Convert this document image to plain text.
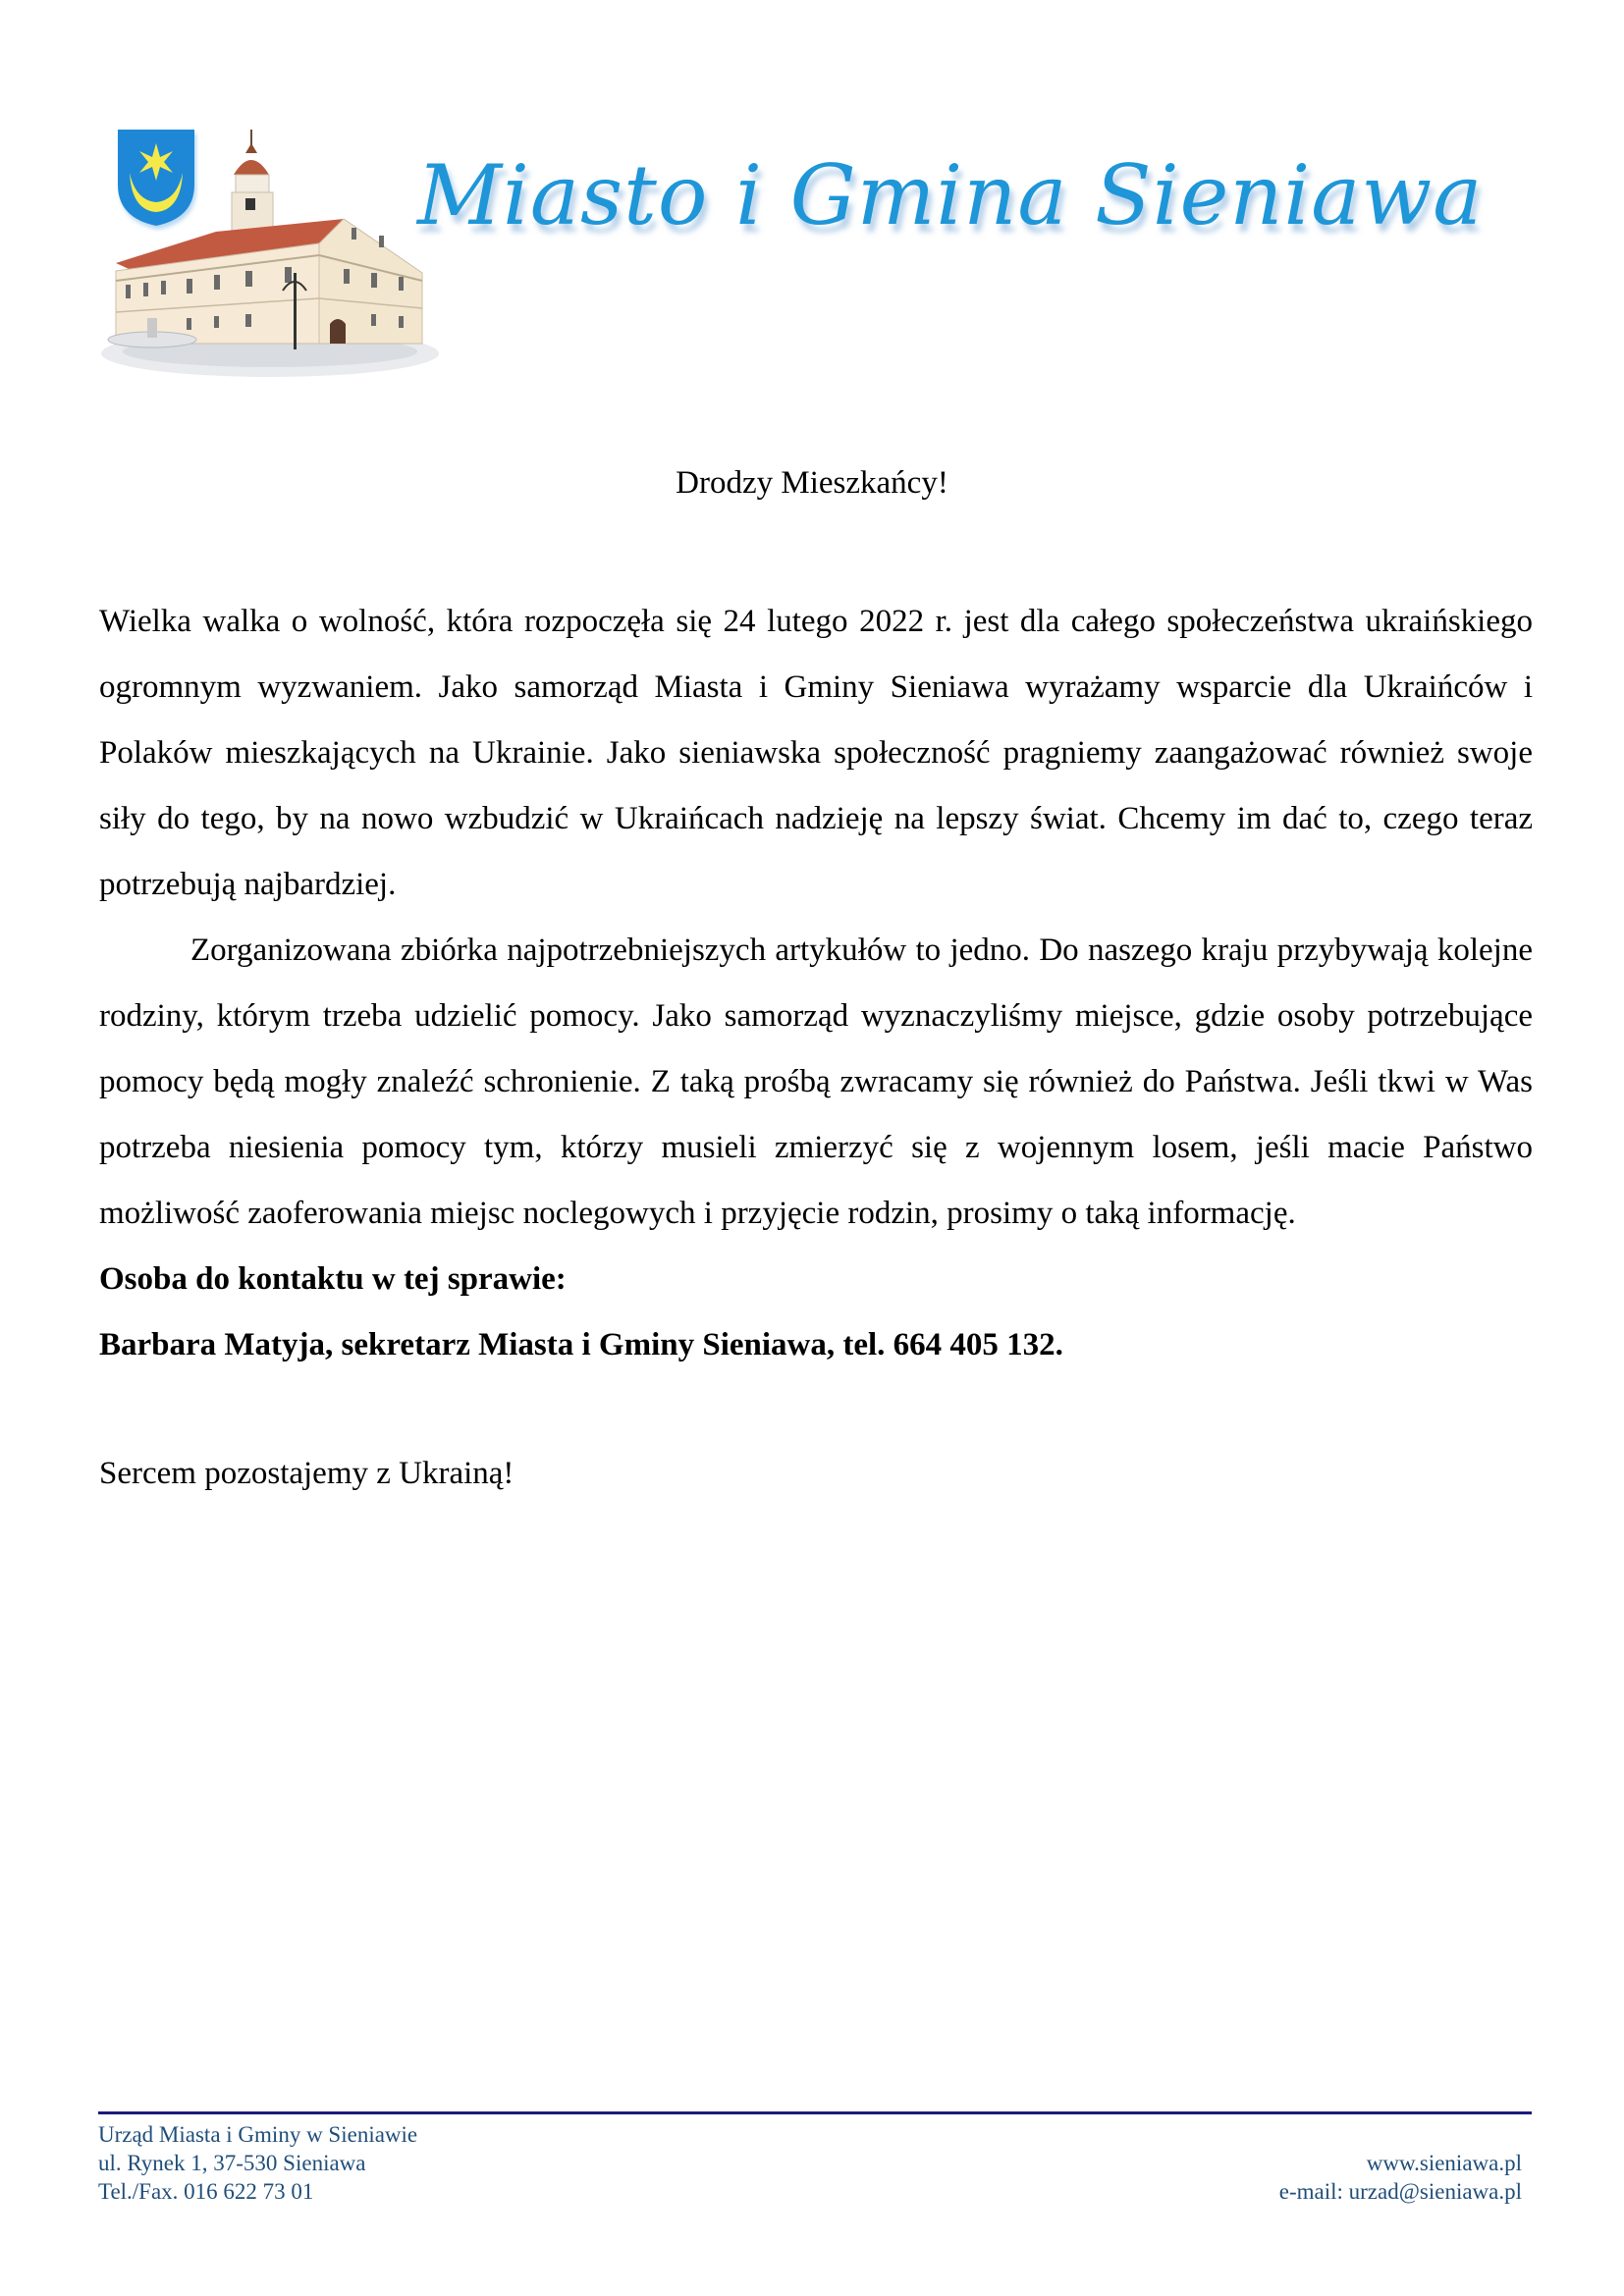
Miasto i Gmina Sieniawa
Drodzy Mieszkańcy!

Wielka walka o wolność, która rozpoczęła się 24 lutego 2022 r. jest dla całego społeczeństwa ukraińskiego ogromnym wyzwaniem. Jako samorząd Miasta i Gminy Sieniawa wyrażamy wsparcie dla Ukraińców i Polaków mieszkających na Ukrainie. Jako sieniawska społeczność pragniemy zaangażować również swoje siły do tego, by na nowo wzbudzić w Ukraińcach nadzieję na lepszy świat. Chcemy im dać to, czego teraz potrzebują najbardziej.

Zorganizowana zbiórka najpotrzebniejszych artykułów to jedno. Do naszego kraju przybywają kolejne rodziny, którym trzeba udzielić pomocy. Jako samorząd wyznaczyliśmy miejsce, gdzie osoby potrzebujące pomocy będą mogły znaleźć schronienie. Z taką prośbą zwracamy się również do Państwa. Jeśli tkwi w Was potrzeba niesienia pomocy tym, którzy musieli zmierzyć się z wojennym losem, jeśli macie Państwo możliwość zaoferowania miejsc noclegowych i przyjęcie rodzin, prosimy o taką informację.

Osoba do kontaktu w tej sprawie:

Barbara Matyja, sekretarz Miasta i Gminy Sieniawa, tel. 664 405 132.

Sercem pozostajemy z Ukrainą!

Urząd Miasta i Gminy w Sieniawie
ul. Rynek 1, 37-530 Sieniawa
Tel./Fax. 016 622 73 01
www.sieniawa.pl
e-mail: urzad@sieniawa.pl
